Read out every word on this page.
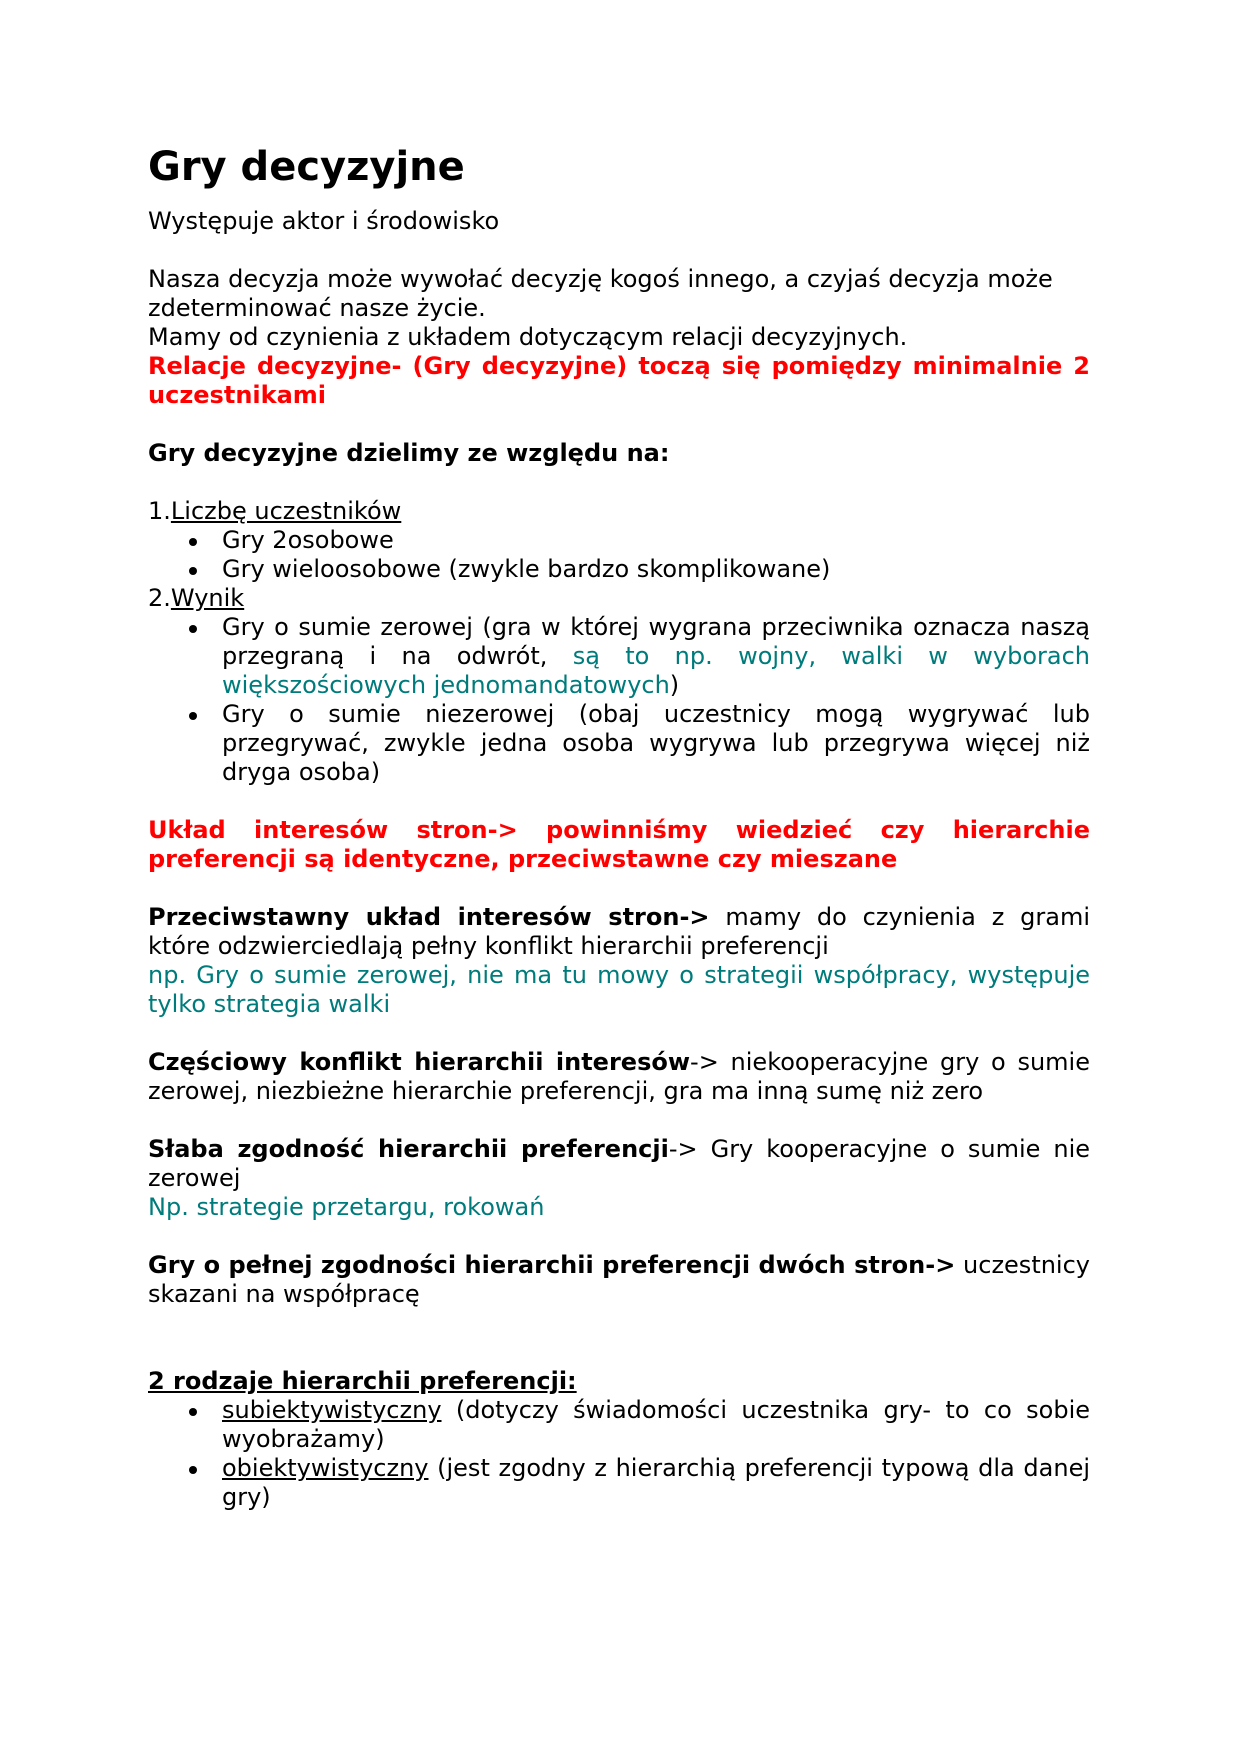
Gry decyzyjne

Występuje aktor i środowisko

Nasza decyzja może wywołać decyzję kogoś innego, a czyjaś decyzja może zdeterminować nasze życie.

Mamy od czynienia z układem dotyczącym relacji decyzyjnych.

Relacje decyzyjne- (Gry decyzyjne) toczą się pomiędzy minimalnie 2 uczestnikami

Gry decyzyjne dzielimy ze względu na:

1.Liczbę uczestników

Gry 2osobowe
Gry wieloosobowe (zwykle bardzo skomplikowane)

2.Wynik

Gry o sumie zerowej (gra w której wygrana przeciwnika oznacza naszą przegraną i na odwrót, są to np. wojny, walki w wyborach większościowych jednomandatowych)
Gry o sumie niezerowej (obaj uczestnicy mogą wygrywać lub przegrywać, zwykle jedna osoba wygrywa lub przegrywa więcej niż dryga osoba)

Układ interesów stron-> powinniśmy wiedzieć czy hierarchie preferencji są identyczne, przeciwstawne czy mieszane

Przeciwstawny układ interesów stron-> mamy do czynienia z grami które odzwierciedlają pełny konflikt hierarchii preferencji

np. Gry o sumie zerowej, nie ma tu mowy o strategii współpracy, występuje tylko strategia walki

Częściowy konflikt hierarchii interesów-> niekooperacyjne gry o sumie zerowej, niezbieżne hierarchie preferencji, gra ma inną sumę niż zero

Słaba zgodność hierarchii preferencji-> Gry kooperacyjne o sumie nie zerowej

Np. strategie przetargu, rokowań

Gry o pełnej zgodności hierarchii preferencji dwóch stron-> uczestnicy skazani na współpracę

2 rodzaje hierarchii preferencji:

subiektywistyczny (dotyczy świadomości uczestnika gry- to co sobie wyobrażamy)
obiektywistyczny (jest zgodny z hierarchią preferencji typową dla danej gry)
